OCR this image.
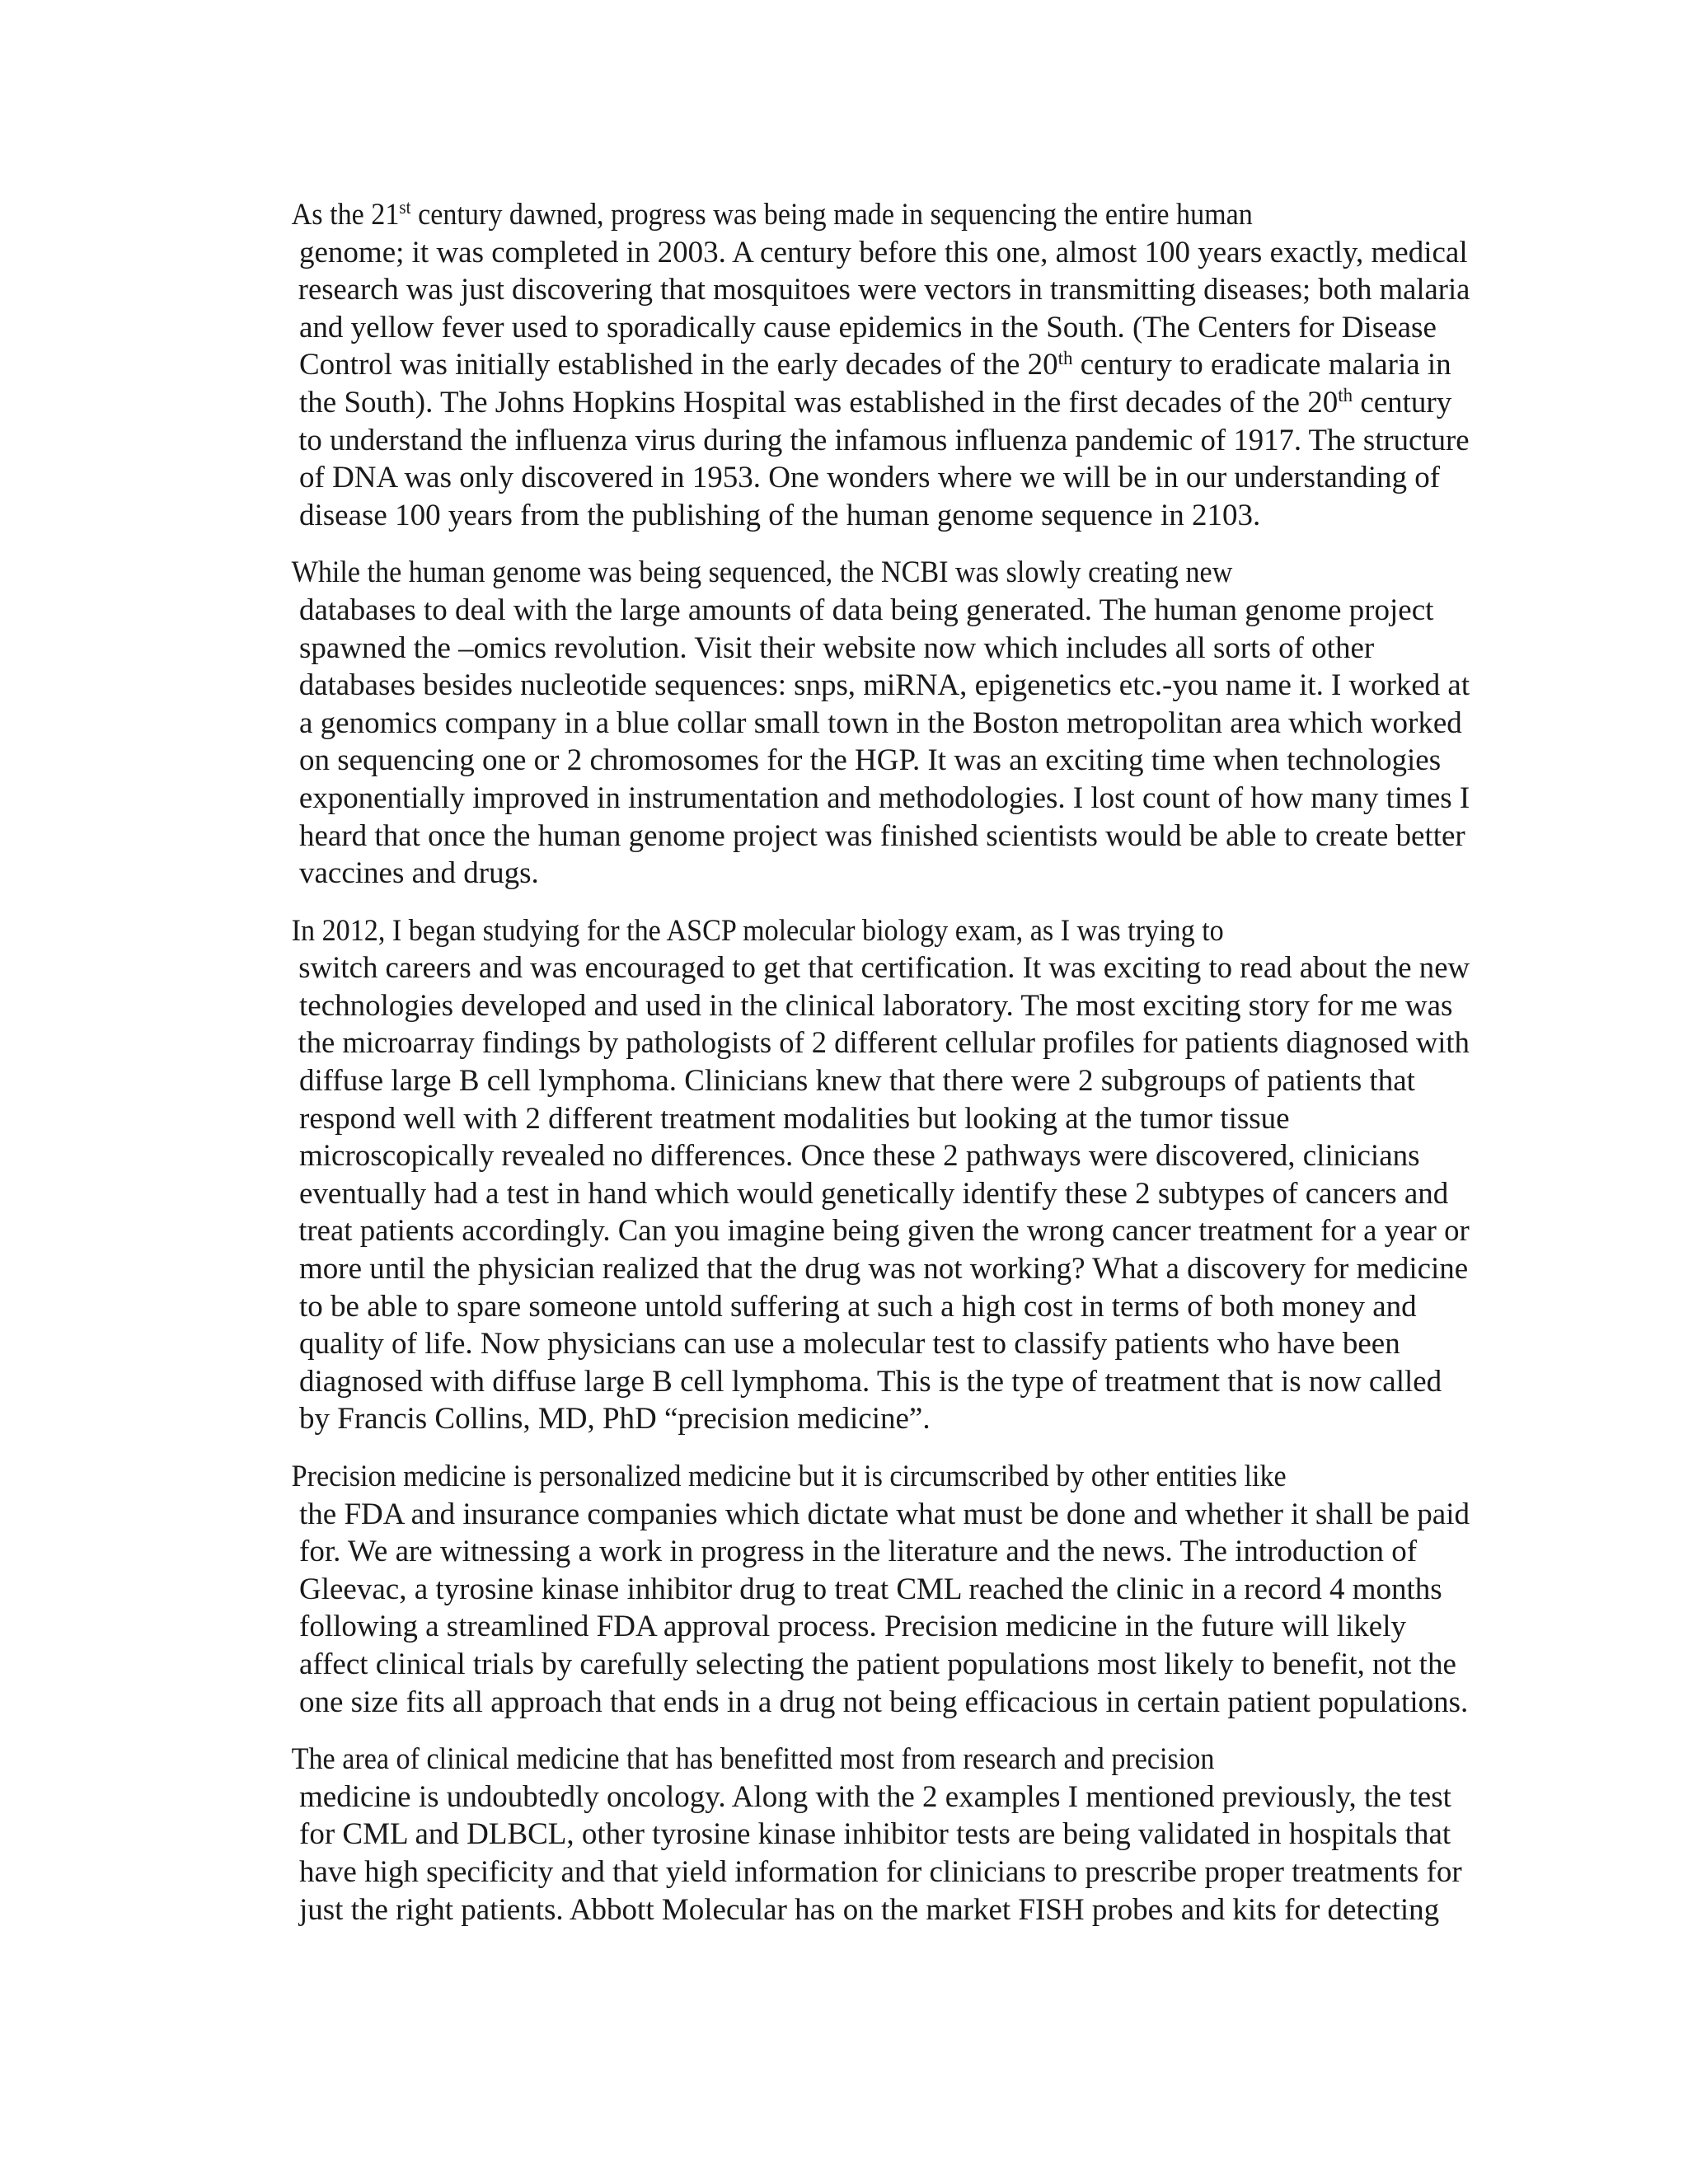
As the 21st century dawned, progress was being made in sequencing the entire human
genome; it was completed in 2003. A century before this one, almost 100 years exactly, medical
research was just discovering that mosquitoes were vectors in transmitting diseases; both malaria
and yellow fever used to sporadically cause epidemics in the South. (The Centers for Disease
Control was initially established in the early decades of the 20th century to eradicate malaria in
the South). The Johns Hopkins Hospital was established in the first decades of the 20th century
to understand the influenza virus during the infamous influenza pandemic of 1917. The structure
of DNA was only discovered in 1953. One wonders where we will be in our understanding of
disease 100 years from the publishing of the human genome sequence in 2103.

While the human genome was being sequenced, the NCBI was slowly creating new
databases to deal with the large amounts of data being generated. The human genome project
spawned the –omics revolution. Visit their website now which includes all sorts of other
databases besides nucleotide sequences: snps, miRNA, epigenetics etc.-you name it. I worked at
a genomics company in a blue collar small town in the Boston metropolitan area which worked
on sequencing one or 2 chromosomes for the HGP. It was an exciting time when technologies
exponentially improved in instrumentation and methodologies. I lost count of how many times I
heard that once the human genome project was finished scientists would be able to create better
vaccines and drugs.

In 2012, I began studying for the ASCP molecular biology exam, as I was trying to
switch careers and was encouraged to get that certification. It was exciting to read about the new
technologies developed and used in the clinical laboratory. The most exciting story for me was
the microarray findings by pathologists of 2 different cellular profiles for patients diagnosed with
diffuse large B cell lymphoma. Clinicians knew that there were 2 subgroups of patients that
respond well with 2 different treatment modalities but looking at the tumor tissue
microscopically revealed no differences. Once these 2 pathways were discovered, clinicians
eventually had a test in hand which would genetically identify these 2 subtypes of cancers and
treat patients accordingly. Can you imagine being given the wrong cancer treatment for a year or
more until the physician realized that the drug was not working? What a discovery for medicine
to be able to spare someone untold suffering at such a high cost in terms of both money and
quality of life. Now physicians can use a molecular test to classify patients who have been
diagnosed with diffuse large B cell lymphoma. This is the type of treatment that is now called
by Francis Collins, MD, PhD “precision medicine”.

Precision medicine is personalized medicine but it is circumscribed by other entities like
the FDA and insurance companies which dictate what must be done and whether it shall be paid
for. We are witnessing a work in progress in the literature and the news. The introduction of
Gleevac, a tyrosine kinase inhibitor drug to treat CML reached the clinic in a record 4 months
following a streamlined FDA approval process. Precision medicine in the future will likely
affect clinical trials by carefully selecting the patient populations most likely to benefit, not the
one size fits all approach that ends in a drug not being efficacious in certain patient populations.

The area of clinical medicine that has benefitted most from research and precision
medicine is undoubtedly oncology. Along with the 2 examples I mentioned previously, the test
for CML and DLBCL, other tyrosine kinase inhibitor tests are being validated in hospitals that
have high specificity and that yield information for clinicians to prescribe proper treatments for
just the right patients. Abbott Molecular has on the market FISH probes and kits for detecting
